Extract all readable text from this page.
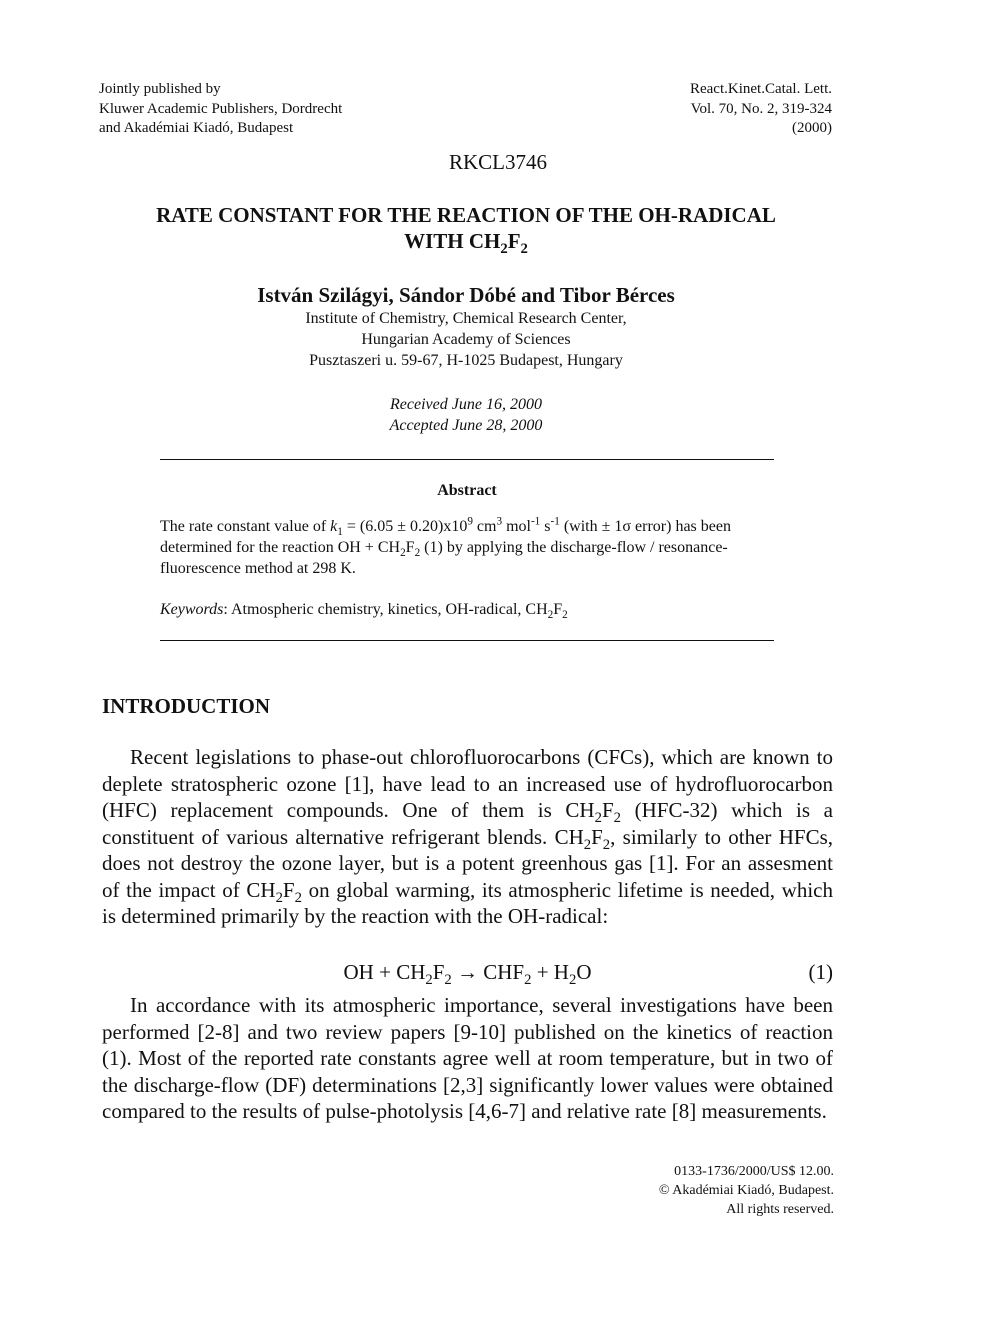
Jointly published by
Kluwer Academic Publishers, Dordrecht
and Akadémiai Kiadó, Budapest
React.Kinet.Catal. Lett.
Vol. 70, No. 2, 319-324
(2000)
RKCL3746
RATE CONSTANT FOR THE REACTION OF THE OH-RADICAL
WITH $CH_2F_2$
István Szilágyi, Sándor Dóbé and Tibor Bérces
Institute of Chemistry, Chemical Research Center,
Hungarian Academy of Sciences
Pusztaszeri u. 59-67, H-1025 Budapest, Hungary
Received June 16, 2000
Accepted June 28, 2000
Abstract
The rate constant value of $k_1 = (6.05 \pm 0.20)x10^9$ $cm^3$ mol$^{-1}$ $s^{-1}$ (with ± 1σ error) has been determined for the reaction OH + $CH_2F_2$ (1) by applying the discharge-flow / resonance-fluorescence method at 298 K.
Keywords: Atmospheric chemistry, kinetics, OH-radical, $CH_2F_2$
INTRODUCTION
Recent legislations to phase-out chlorofluorocarbons (CFCs), which are known to deplete stratospheric ozone [1], have lead to an increased use of hydrofluorocarbon (HFC) replacement compounds. One of them is $CH_2F_2$ (HFC-32) which is a constituent of various alternative refrigerant blends. $CH_2F_2$, similarly to other HFCs, does not destroy the ozone layer, but is a potent greenhous gas [1]. For an assesment of the impact of $CH_2F_2$ on global warming, its atmospheric lifetime is needed, which is determined primarily by the reaction with the OH-radical:
OH + $CH_2F_2 \to CHF_2 + H_2O$	(1)
In accordance with its atmospheric importance, several investigations have been performed [2-8] and two review papers [9-10] published on the kinetics of reaction (1). Most of the reported rate constants agree well at room temperature, but in two of the discharge-flow (DF) determinations [2,3] significantly lower values were obtained compared to the results of pulse-photolysis [4,6-7] and relative rate [8] measurements.
0133-1736/2000/US$ 12.00.
© Akadémiai Kiadó, Budapest.
All rights reserved.
